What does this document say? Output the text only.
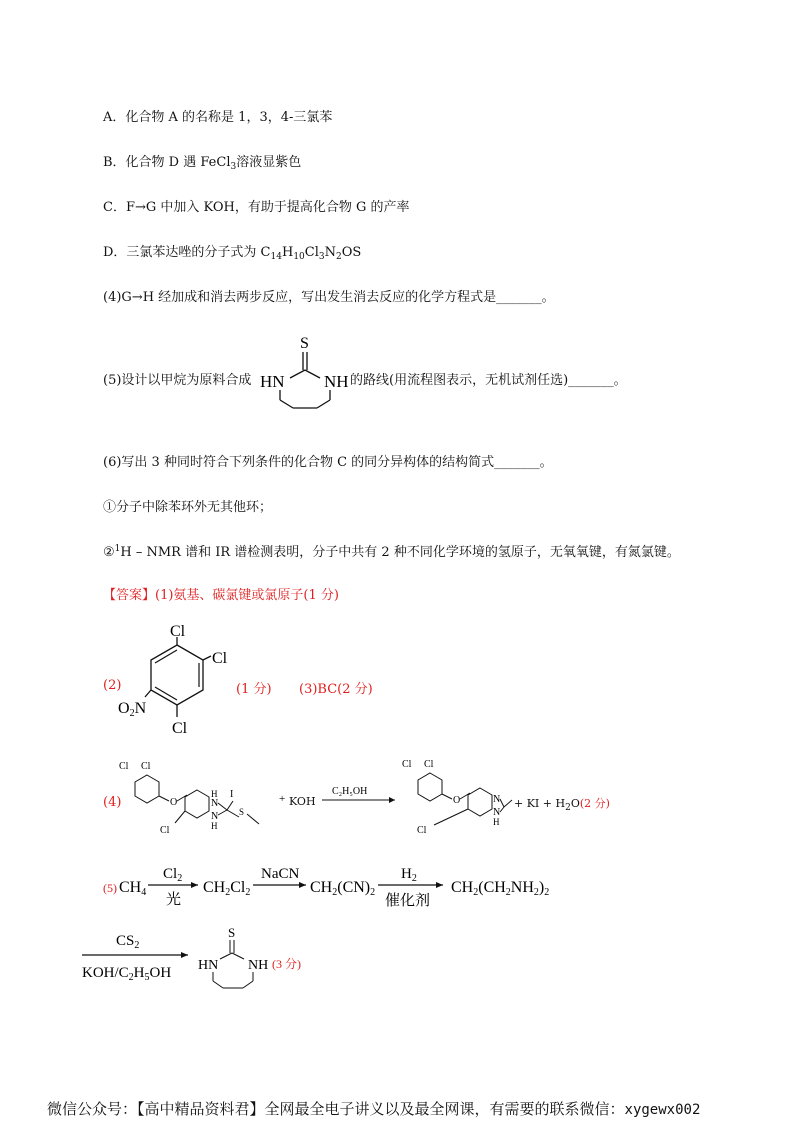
A．化合物 A 的名称是 1，3，4-三氯苯
B．化合物 D 遇 FeCl$_3$溶液显紫色
C．F→G 中加入 KOH，有助于提高化合物 G 的产率
D．三氯苯达唑的分子式为 $C_{14}H_{10}Cl_3N_2OS$
(4)G→H 经加成和消去两步反应，写出发生消去反应的化学方程式是_______。
(5)设计以甲烷为原料合成
S
HN NH 的路线(用流程图表示，无机试剂任选)_______。
(6)写出 3 种同时符合下列条件的化合物 C 的同分异构体的结构简式_______。
①分子中除苯环外无其他环；
②$^1$H – NMR 谱和 IR 谱检测表明，分子中共有 2 种不同化学环境的氢原子，无氧氧键，有氮氯键。
【答案】(1)氨基、碳氯键或氯原子(1 分)
(2)
Cl
Cl
Cl
O2N
(1 分) (3)BC(2 分)
(4)
Cl Cl
O
Cl
H
N
N
H
I
S
+ KOH
C₂H₅OH
Cl Cl
O
Cl
N
N
H
+ KI + $H_2O(2$ 分)
(5) CH4
$Cl_2$
光
CH2Cl2
NaCN
CH2(CN)2
$H_2$
催化剂
CH2(CH2NH2)2
$CS_2$
KOH/$C_2H_5OH$
S
HN NH (3 分)
微信公众号：【高中精品资料君】全网最全电子讲义以及最全网课，有需要的联系微信：xygewx002
